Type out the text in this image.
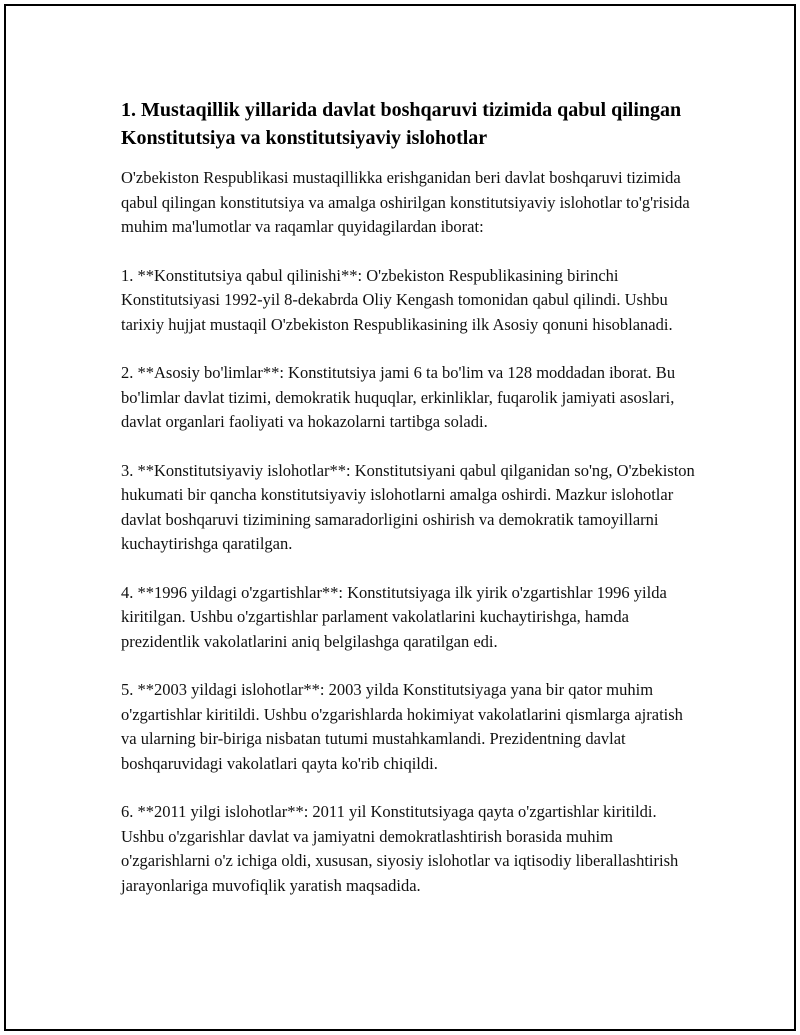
1. Mustaqillik yillarida davlat boshqaruvi tizimida qabul qilingan Konstitutsiya va konstitutsiyaviy islohotlar

O'zbekiston Respublikasi mustaqillikka erishganidan beri davlat boshqaruvi tizimida qabul qilingan konstitutsiya va amalga oshirilgan konstitutsiyaviy islohotlar to'g'risida muhim ma'lumotlar va raqamlar quyidagilardan iborat:

1. **Konstitutsiya qabul qilinishi**: O'zbekiston Respublikasining birinchi Konstitutsiyasi 1992-yil 8-dekabrda Oliy Kengash tomonidan qabul qilindi. Ushbu tarixiy hujjat mustaqil O'zbekiston Respublikasining ilk Asosiy qonuni hisoblanadi.

2. **Asosiy bo'limlar**: Konstitutsiya jami 6 ta bo'lim va 128 moddadan iborat. Bu bo'limlar davlat tizimi, demokratik huquqlar, erkinliklar, fuqarolik jamiyati asoslari, davlat organlari faoliyati va hokazolarni tartibga soladi.

3. **Konstitutsiyaviy islohotlar**: Konstitutsiyani qabul qilganidan so'ng, O'zbekiston hukumati bir qancha konstitutsiyaviy islohotlarni amalga oshirdi. Mazkur islohotlar davlat boshqaruvi tizimining samaradorligini oshirish va demokratik tamoyillarni kuchaytirishga qaratilgan.

4. **1996 yildagi o'zgartishlar**: Konstitutsiyaga ilk yirik o'zgartishlar 1996 yilda kiritilgan. Ushbu o'zgartishlar parlament vakolatlarini kuchaytirishga, hamda prezidentlik vakolatlarini aniq belgilashga qaratilgan edi.

5. **2003 yildagi islohotlar**: 2003 yilda Konstitutsiyaga yana bir qator muhim o'zgartishlar kiritildi. Ushbu o'zgarishlarda hokimiyat vakolatlarini qismlarga ajratish va ularning bir-biriga nisbatan tutumi mustahkamlandi. Prezidentning davlat boshqaruvidagi vakolatlari qayta ko'rib chiqildi.

6. **2011 yilgi islohotlar**: 2011 yil Konstitutsiyaga qayta o'zgartishlar kiritildi. Ushbu o'zgarishlar davlat va jamiyatni demokratlashtirish borasida muhim o'zgarishlarni o'z ichiga oldi, xususan, siyosiy islohotlar va iqtisodiy liberallashtirish jarayonlariga muvofiqlik yaratish maqsadida.
